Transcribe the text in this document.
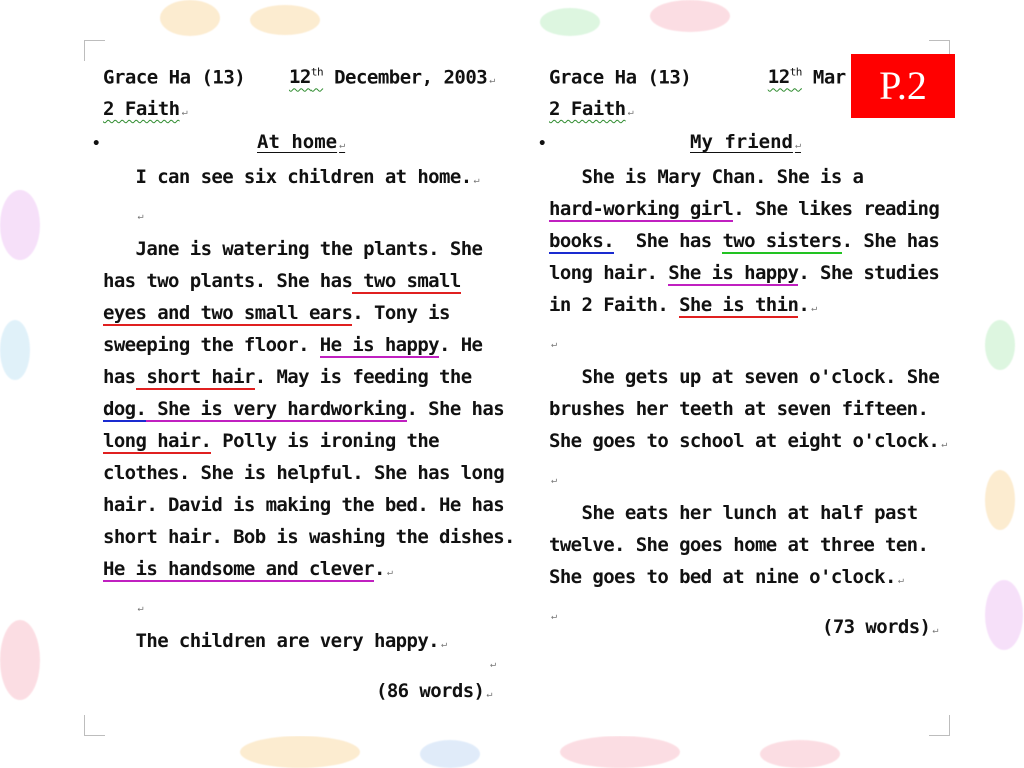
Grace Ha (13) 12th December, 2003 ↵
2 Faith ↵
•	At home ↵
I can see six children at home. ↵
↵
Jane is watering the plants. She
has two plants. She has two small
eyes and two small ears. Tony is
sweeping the floor. He is happy. He
has short hair. May is feeding the
dog. She is very hardworking. She has
long hair. Polly is ironing the
clothes. She is helpful. She has long
hair. David is making the bed. He has
short hair. Bob is washing the dishes.
He is handsome and clever. ↵
↵
The children are very happy. ↵
↵
(86 words) ↵
Grace Ha (13)	12th Mar
2 Faith ↵
•	My friend ↵
She is Mary Chan. She is a
hard-working girl. She likes reading
books.  She has two sisters. She has
long hair. She is happy. She studies
in 2 Faith. She is thin. ↵
↵
She gets up at seven o'clock. She
brushes her teeth at seven fifteen.
She goes to school at eight o'clock. ↵
↵
She eats her lunch at half past
twelve. She goes home at three ten.
She goes to bed at nine o'clock. ↵
↵	(73 words) ↵
P.2
